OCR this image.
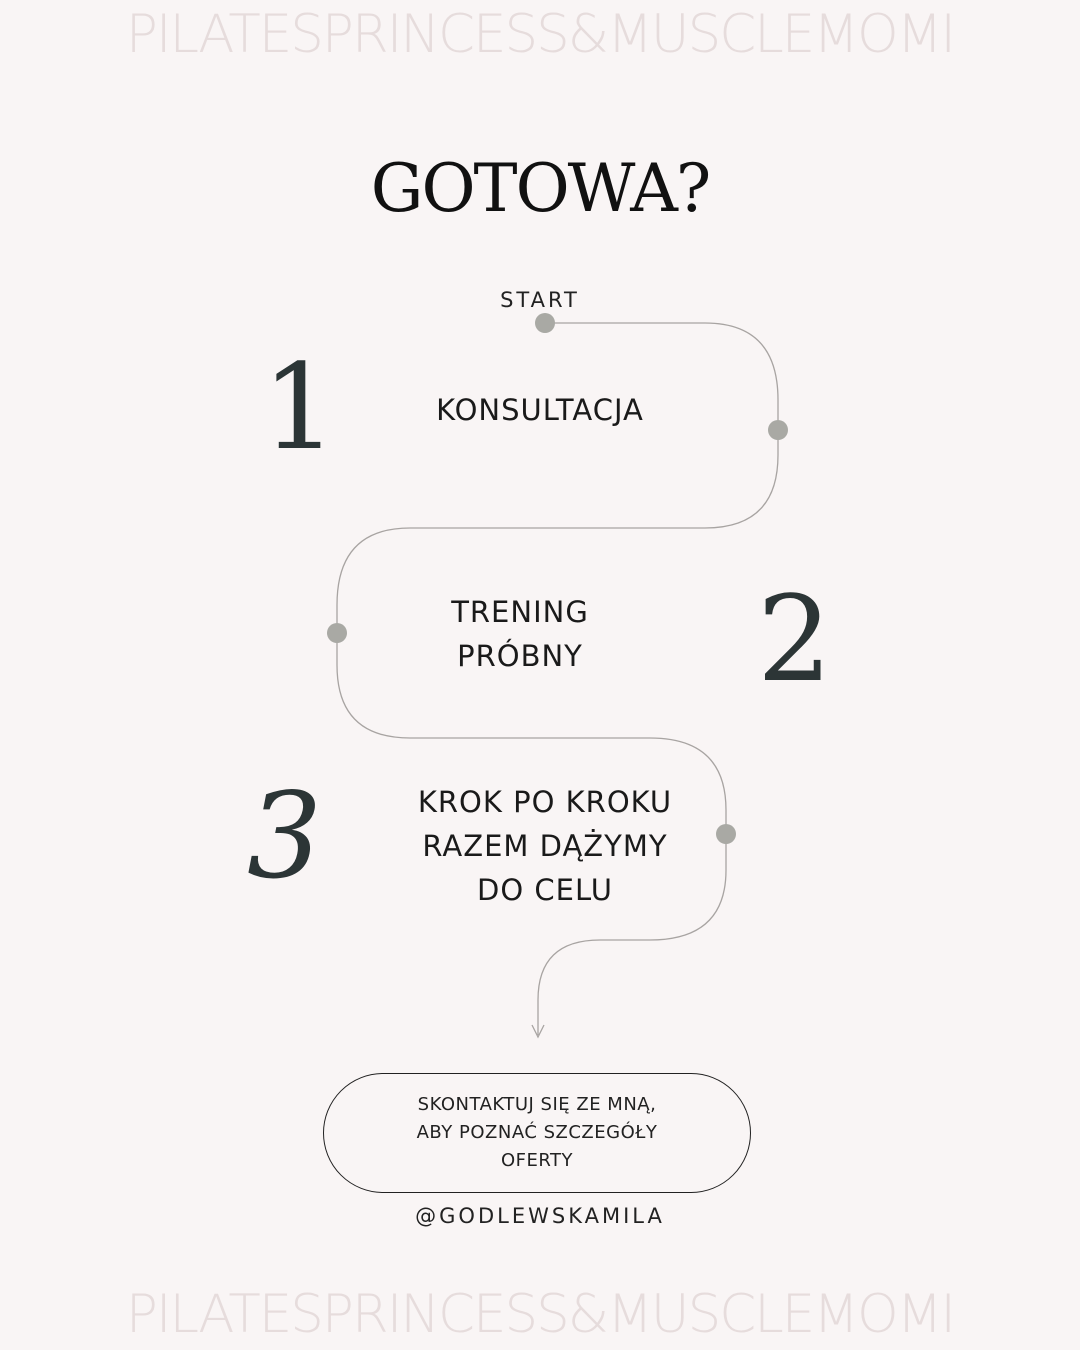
PILATESPRINCESS&MUSCLEMOMI
GOTOWA?
START
1	KONSULTACJA
2
TRENING
PRÓBNY
3	KROK PO KROKU
RAZEM DĄŻYMY
DO CELU
SKONTAKTUJ SIĘ ZE MNĄ,
ABY POZNAĆ SZCZEGÓŁY
OFERTY
@GODLEWSKAMILA
PILATESPRINCESS&MUSCLEMOMI
